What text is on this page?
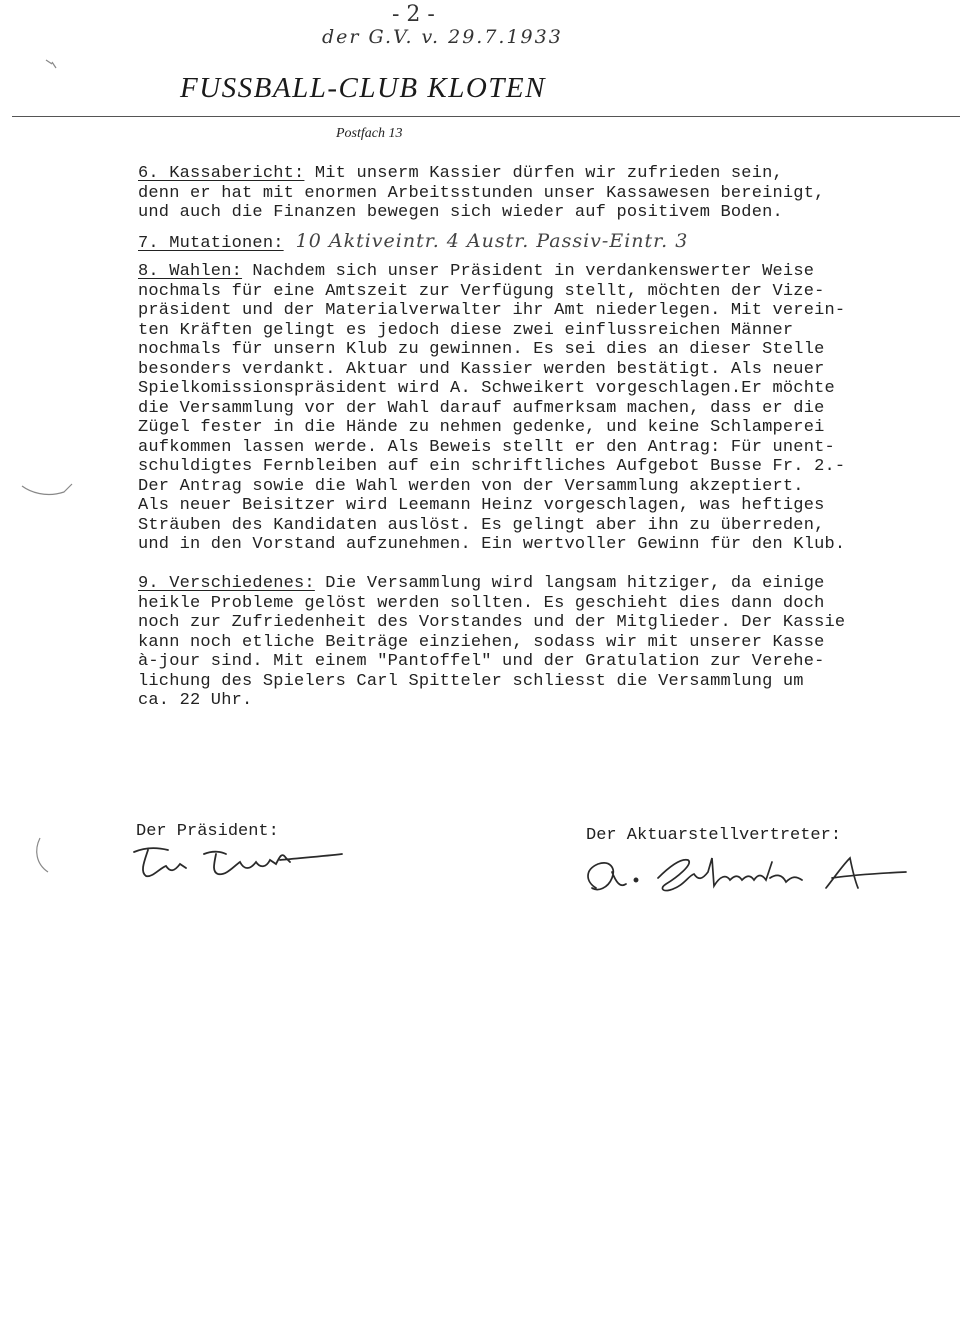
- 2 -
der G.V. v. 29.7.1933
FUSSBALL-CLUB KLOTEN
Postfach 13
6. Kassabericht: Mit unserm Kassier dürfen wir zufrieden sein,
denn er hat mit enormen Arbeitsstunden unser Kassawesen bereinigt,
und auch die Finanzen bewegen sich wieder auf positivem Boden.
7. Mutationen: 10 Aktiveintr. 4 Austr. Passiv-Eintr. 3
8. Wahlen: Nachdem sich unser Präsident in verdankenswerter Weise
nochmals für eine Amtszeit zur Verfügung stellt, möchten der Vize-
präsident und der Materialverwalter ihr Amt niederlegen. Mit verein-
ten Kräften gelingt es jedoch diese zwei einflussreichen Männer
nochmals für unsern Klub zu gewinnen. Es sei dies an dieser Stelle
besonders verdankt. Aktuar und Kassier werden bestätigt. Als neuer
Spielkomissionspräsident wird A. Schweikert vorgeschlagen.Er möchte
die Versammlung vor der Wahl darauf aufmerksam machen, dass er die
Zügel fester in die Hände zu nehmen gedenke, und keine Schlamperei
aufkommen lassen werde. Als Beweis stellt er den Antrag: Für unent-
schuldigtes Fernbleiben auf ein schriftliches Aufgebot Busse Fr. 2.-
Der Antrag sowie die Wahl werden von der Versammlung akzeptiert.
Als neuer Beisitzer wird Leemann Heinz vorgeschlagen, was heftiges
Sträuben des Kandidaten auslöst. Es gelingt aber ihn zu überreden,
und in den Vorstand aufzunehmen. Ein wertvoller Gewinn für den Klub.
9. Verschiedenes: Die Versammlung wird langsam hitziger, da einige
heikle Probleme gelöst werden sollten. Es geschieht dies dann doch
noch zur Zufriedenheit des Vorstandes und der Mitglieder. Der Kassie
kann noch etliche Beiträge einziehen, sodass wir mit unserer Kasse
à-jour sind. Mit einem "Pantoffel" und der Gratulation zur Verehe-
lichung des Spielers Carl Spitteler schliesst die Versammlung um
ca. 22 Uhr.
Der Präsident:	Der Aktuarstellvertreter:
